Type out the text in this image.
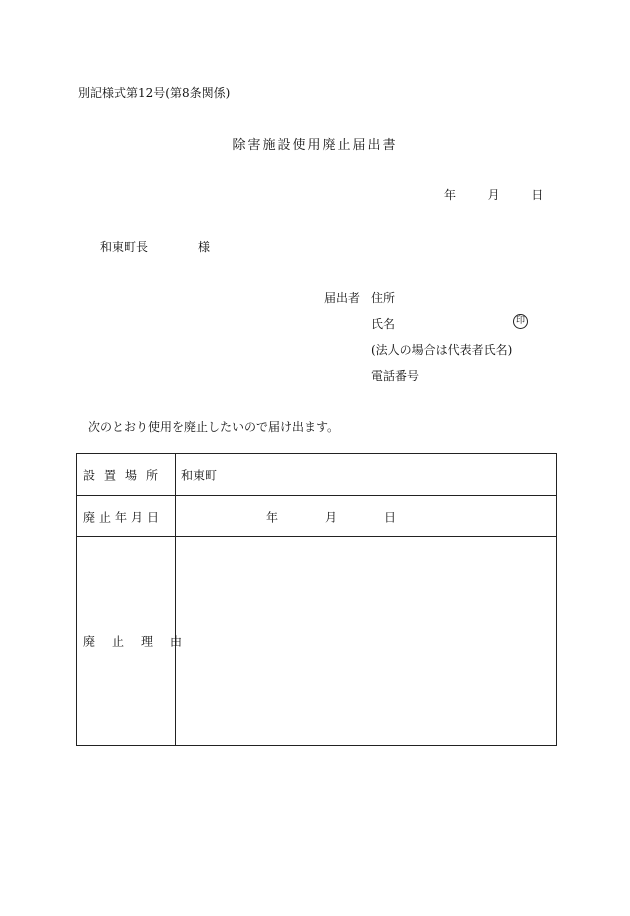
別記様式第12号(第8条関係)
除害施設使用廃止届出書
年	月	日
和東町長	様
届出者 住所
氏名	印
(法人の場合は代表者氏名)
電話番号
次のとおり使用を廃止したいので届け出ます。
設置場所 和東町
廃止年月日	年	月	日
廃止理由
